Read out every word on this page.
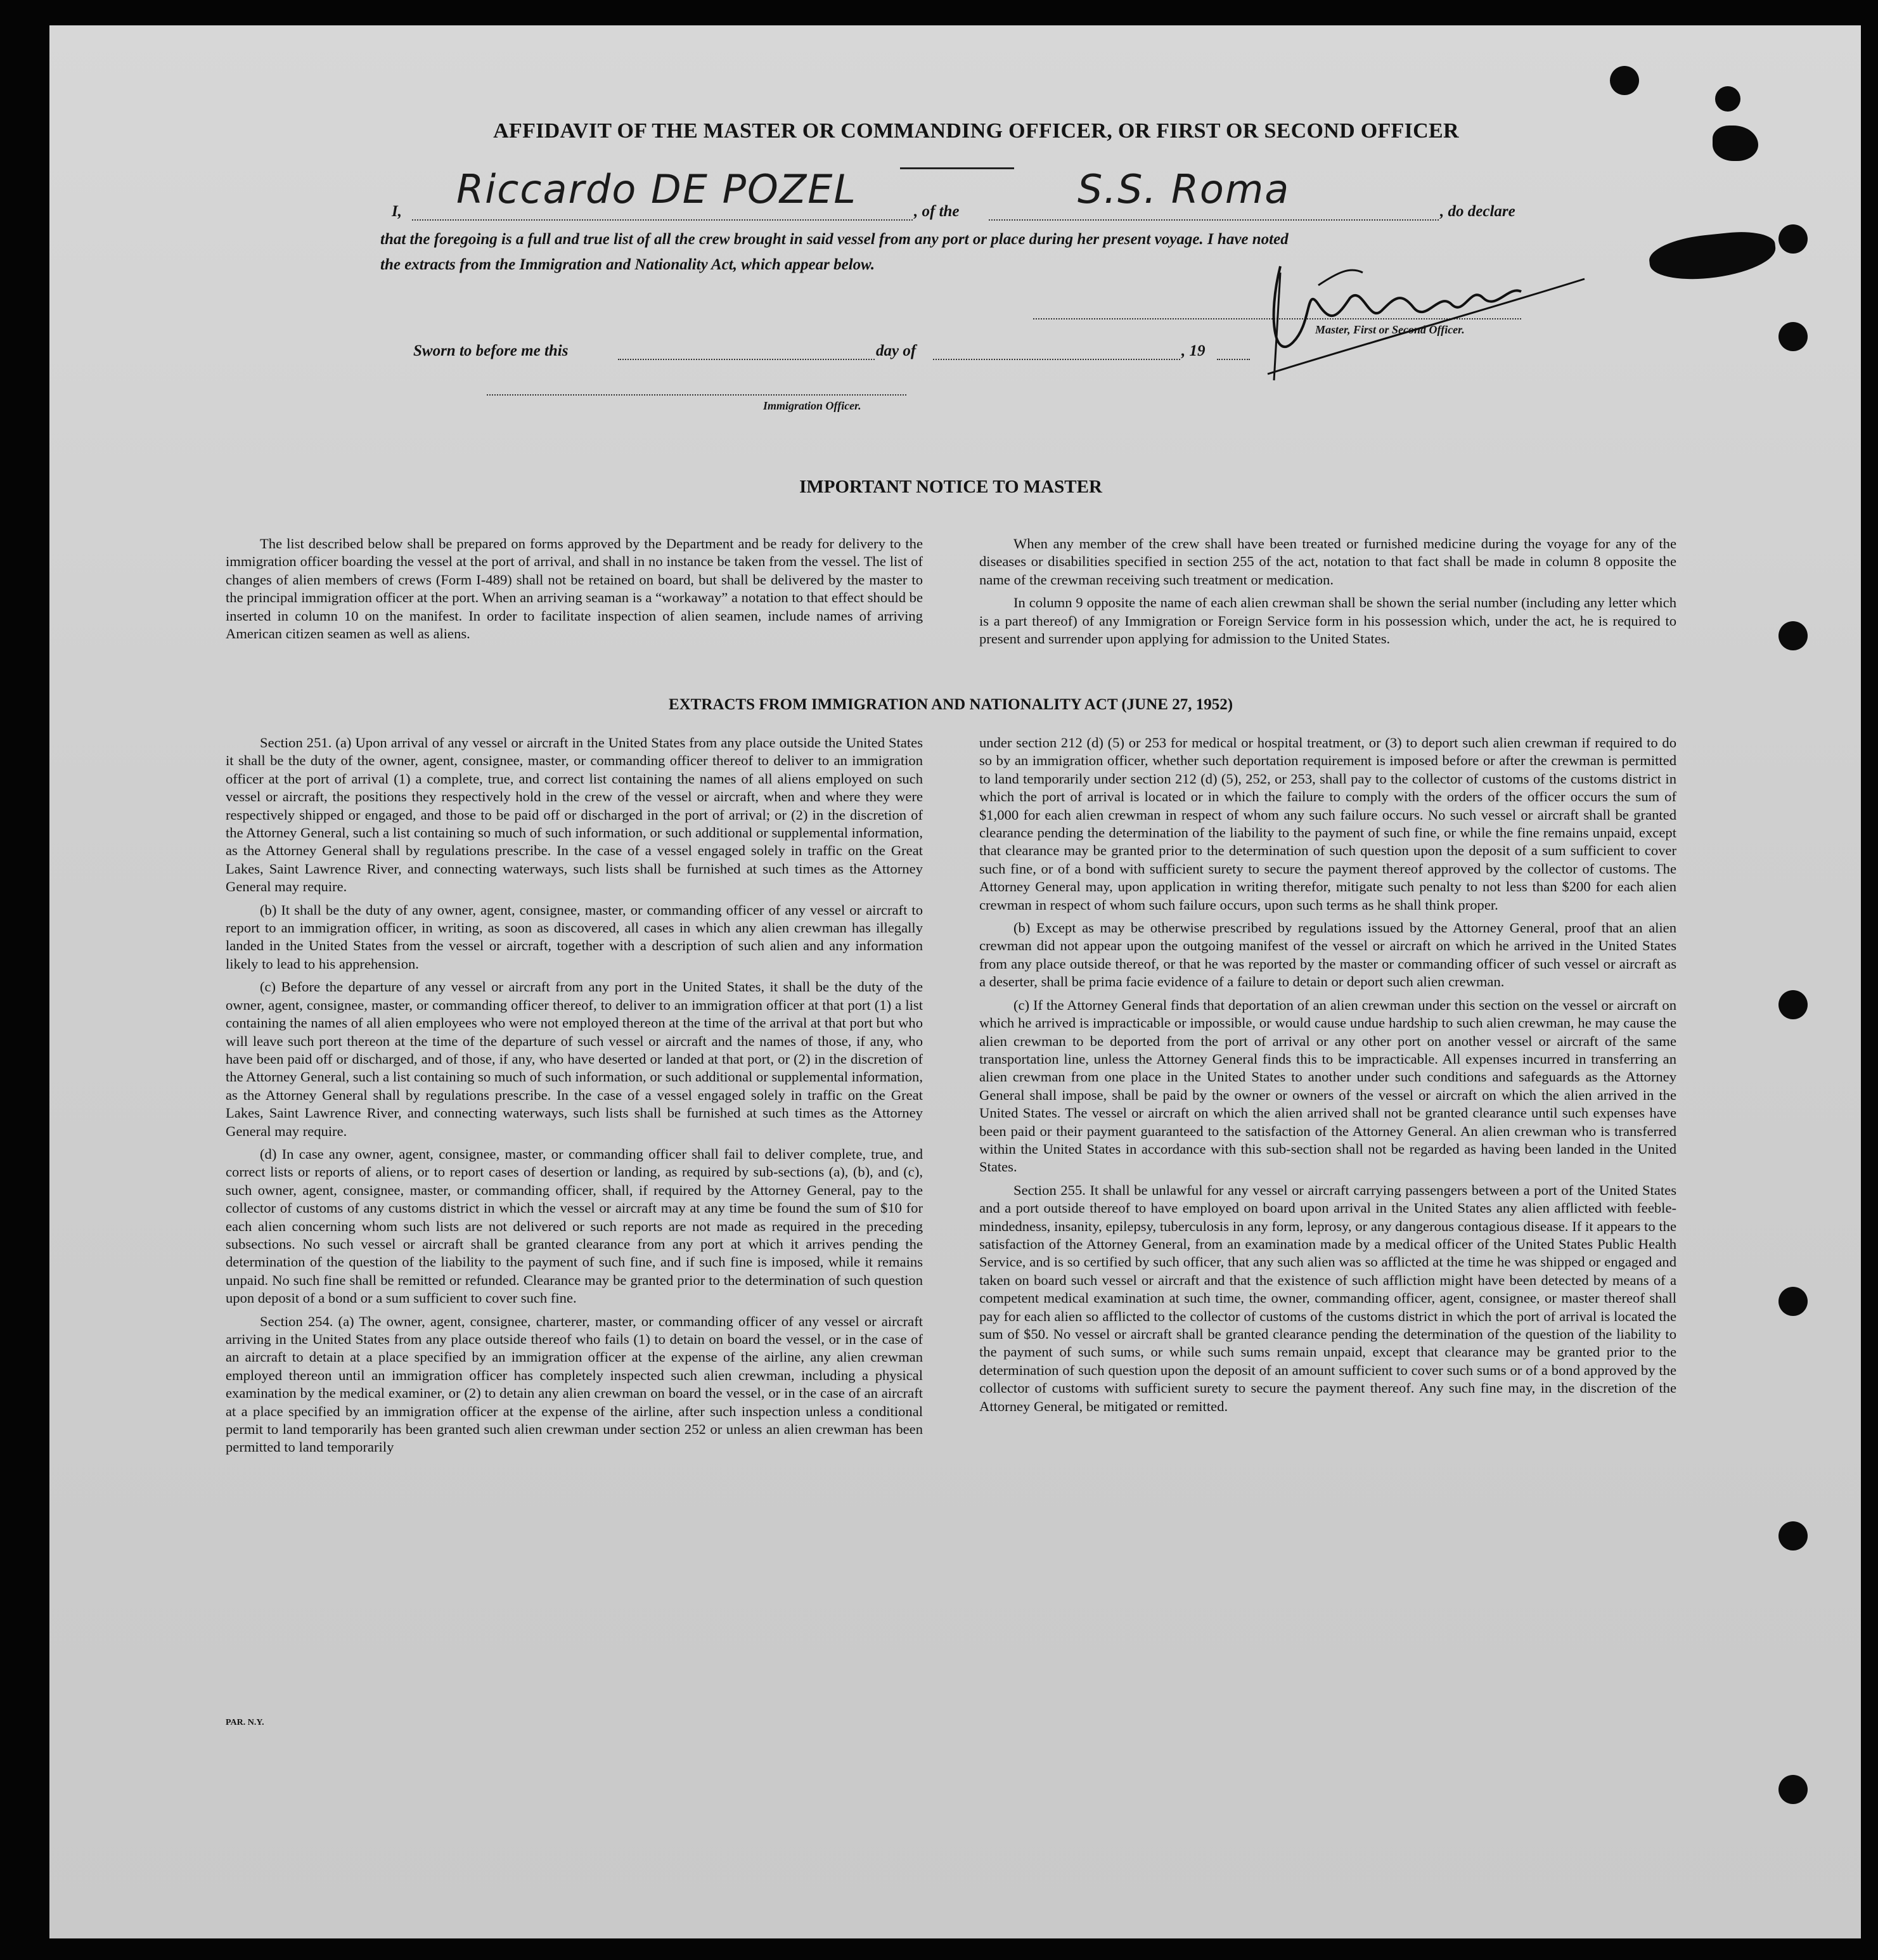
AFFIDAVIT OF THE MASTER OR COMMANDING OFFICER, OR FIRST OR SECOND OFFICER
I, Riccardo DE POZEL	, of the	S.S. Roma	, do declare
that the foregoing is a full and true list of all the crew brought in said vessel from any port or place during her present voyage. I have noted
the extracts from the Immigration and Nationality Act, which appear below.
Master, First or Second Officer.
Sworn to before me this	day of	, 19
Immigration Officer.
IMPORTANT NOTICE TO MASTER

The list described below shall be prepared on forms approved by the Department and be ready for delivery to the immigration officer boarding the vessel at the port of arrival, and shall in no instance be taken from the vessel. The list of changes of alien members of crews (Form I-489) shall not be retained on board, but shall be delivered by the master to the principal immigration officer at the port. When an arriving seaman is a “workaway” a notation to that effect should be inserted in column 10 on the manifest. In order to facilitate inspection of alien seamen, include names of arriving American citizen seamen as well as aliens.

When any member of the crew shall have been treated or furnished medicine during the voyage for any of the diseases or disabilities specified in section 255 of the act, notation to that fact shall be made in column 8 opposite the name of the crewman receiving such treatment or medication.

In column 9 opposite the name of each alien crewman shall be shown the serial number (including any letter which is a part thereof) of any Immigration or Foreign Service form in his possession which, under the act, he is required to present and surrender upon applying for admission to the United States.

EXTRACTS FROM IMMIGRATION AND NATIONALITY ACT (JUNE 27, 1952)

Section 251. (a) Upon arrival of any vessel or aircraft in the United States from any place outside the United States it shall be the duty of the owner, agent, consignee, master, or commanding officer thereof to deliver to an immigration officer at the port of arrival (1) a complete, true, and correct list containing the names of all aliens employed on such vessel or aircraft, the positions they respectively hold in the crew of the vessel or aircraft, when and where they were respectively shipped or engaged, and those to be paid off or discharged in the port of arrival; or (2) in the discretion of the Attorney General, such a list containing so much of such information, or such additional or supplemental information, as the Attorney General shall by regulations prescribe. In the case of a vessel engaged solely in traffic on the Great Lakes, Saint Lawrence River, and connecting waterways, such lists shall be furnished at such times as the Attorney General may require.

(b) It shall be the duty of any owner, agent, consignee, master, or commanding officer of any vessel or aircraft to report to an immigration officer, in writing, as soon as discovered, all cases in which any alien crewman has illegally landed in the United States from the vessel or aircraft, together with a description of such alien and any information likely to lead to his apprehension.

(c) Before the departure of any vessel or aircraft from any port in the United States, it shall be the duty of the owner, agent, consignee, master, or commanding officer thereof, to deliver to an immigration officer at that port (1) a list containing the names of all alien employees who were not employed thereon at the time of the arrival at that port but who will leave such port thereon at the time of the departure of such vessel or aircraft and the names of those, if any, who have been paid off or discharged, and of those, if any, who have deserted or landed at that port, or (2) in the discretion of the Attorney General, such a list containing so much of such information, or such additional or supplemental information, as the Attorney General shall by regulations prescribe. In the case of a vessel engaged solely in traffic on the Great Lakes, Saint Lawrence River, and connecting waterways, such lists shall be furnished at such times as the Attorney General may require.

(d) In case any owner, agent, consignee, master, or commanding officer shall fail to deliver complete, true, and correct lists or reports of aliens, or to report cases of desertion or landing, as required by sub-sections (a), (b), and (c), such owner, agent, consignee, master, or commanding officer, shall, if required by the Attorney General, pay to the collector of customs of any customs district in which the vessel or aircraft may at any time be found the sum of $10 for each alien concerning whom such lists are not delivered or such reports are not made as required in the preceding subsections. No such vessel or aircraft shall be granted clearance from any port at which it arrives pending the determination of the question of the liability to the payment of such fine, and if such fine is imposed, while it remains unpaid. No such fine shall be remitted or refunded. Clearance may be granted prior to the determination of such question upon deposit of a bond or a sum sufficient to cover such fine.

Section 254. (a) The owner, agent, consignee, charterer, master, or commanding officer of any vessel or aircraft arriving in the United States from any place outside thereof who fails (1) to detain on board the vessel, or in the case of an aircraft to detain at a place specified by an immigration officer at the expense of the airline, any alien crewman employed thereon until an immigration officer has completely inspected such alien crewman, including a physical examination by the medical examiner, or (2) to detain any alien crewman on board the vessel, or in the case of an aircraft at a place specified by an immigration officer at the expense of the airline, after such inspection unless a conditional permit to land temporarily has been granted such alien crewman under section 252 or unless an alien crewman has been permitted to land temporarily

under section 212 (d) (5) or 253 for medical or hospital treatment, or (3) to deport such alien crewman if required to do so by an immigration officer, whether such deportation requirement is imposed before or after the crewman is permitted to land temporarily under section 212 (d) (5), 252, or 253, shall pay to the collector of customs of the customs district in which the port of arrival is located or in which the failure to comply with the orders of the officer occurs the sum of $1,000 for each alien crewman in respect of whom any such failure occurs. No such vessel or aircraft shall be granted clearance pending the determination of the liability to the payment of such fine, or while the fine remains unpaid, except that clearance may be granted prior to the determination of such question upon the deposit of a sum sufficient to cover such fine, or of a bond with sufficient surety to secure the payment thereof approved by the collector of customs. The Attorney General may, upon application in writing therefor, mitigate such penalty to not less than $200 for each alien crewman in respect of whom such failure occurs, upon such terms as he shall think proper.

(b) Except as may be otherwise prescribed by regulations issued by the Attorney General, proof that an alien crewman did not appear upon the outgoing manifest of the vessel or aircraft on which he arrived in the United States from any place outside thereof, or that he was reported by the master or commanding officer of such vessel or aircraft as a deserter, shall be prima facie evidence of a failure to detain or deport such alien crewman.

(c) If the Attorney General finds that deportation of an alien crewman under this section on the vessel or aircraft on which he arrived is impracticable or impossible, or would cause undue hardship to such alien crewman, he may cause the alien crewman to be deported from the port of arrival or any other port on another vessel or aircraft of the same transportation line, unless the Attorney General finds this to be impracticable. All expenses incurred in transferring an alien crewman from one place in the United States to another under such conditions and safeguards as the Attorney General shall impose, shall be paid by the owner or owners of the vessel or aircraft on which the alien arrived in the United States. The vessel or aircraft on which the alien arrived shall not be granted clearance until such expenses have been paid or their payment guaranteed to the satisfaction of the Attorney General. An alien crewman who is transferred within the United States in accordance with this sub-section shall not be regarded as having been landed in the United States.

Section 255. It shall be unlawful for any vessel or aircraft carrying passengers between a port of the United States and a port outside thereof to have employed on board upon arrival in the United States any alien afflicted with feeble-mindedness, insanity, epilepsy, tuberculosis in any form, leprosy, or any dangerous contagious disease. If it appears to the satisfaction of the Attorney General, from an examination made by a medical officer of the United States Public Health Service, and is so certified by such officer, that any such alien was so afflicted at the time he was shipped or engaged and taken on board such vessel or aircraft and that the existence of such affliction might have been detected by means of a competent medical examination at such time, the owner, commanding officer, agent, consignee, or master thereof shall pay for each alien so afflicted to the collector of customs of the customs district in which the port of arrival is located the sum of $50. No vessel or aircraft shall be granted clearance pending the determination of the question of the liability to the payment of such sums, or while such sums remain unpaid, except that clearance may be granted prior to the determination of such question upon the deposit of an amount sufficient to cover such sums or of a bond approved by the collector of customs with sufficient surety to secure the payment thereof. Any such fine may, in the discretion of the Attorney General, be mitigated or remitted.

PAR. N.Y.
